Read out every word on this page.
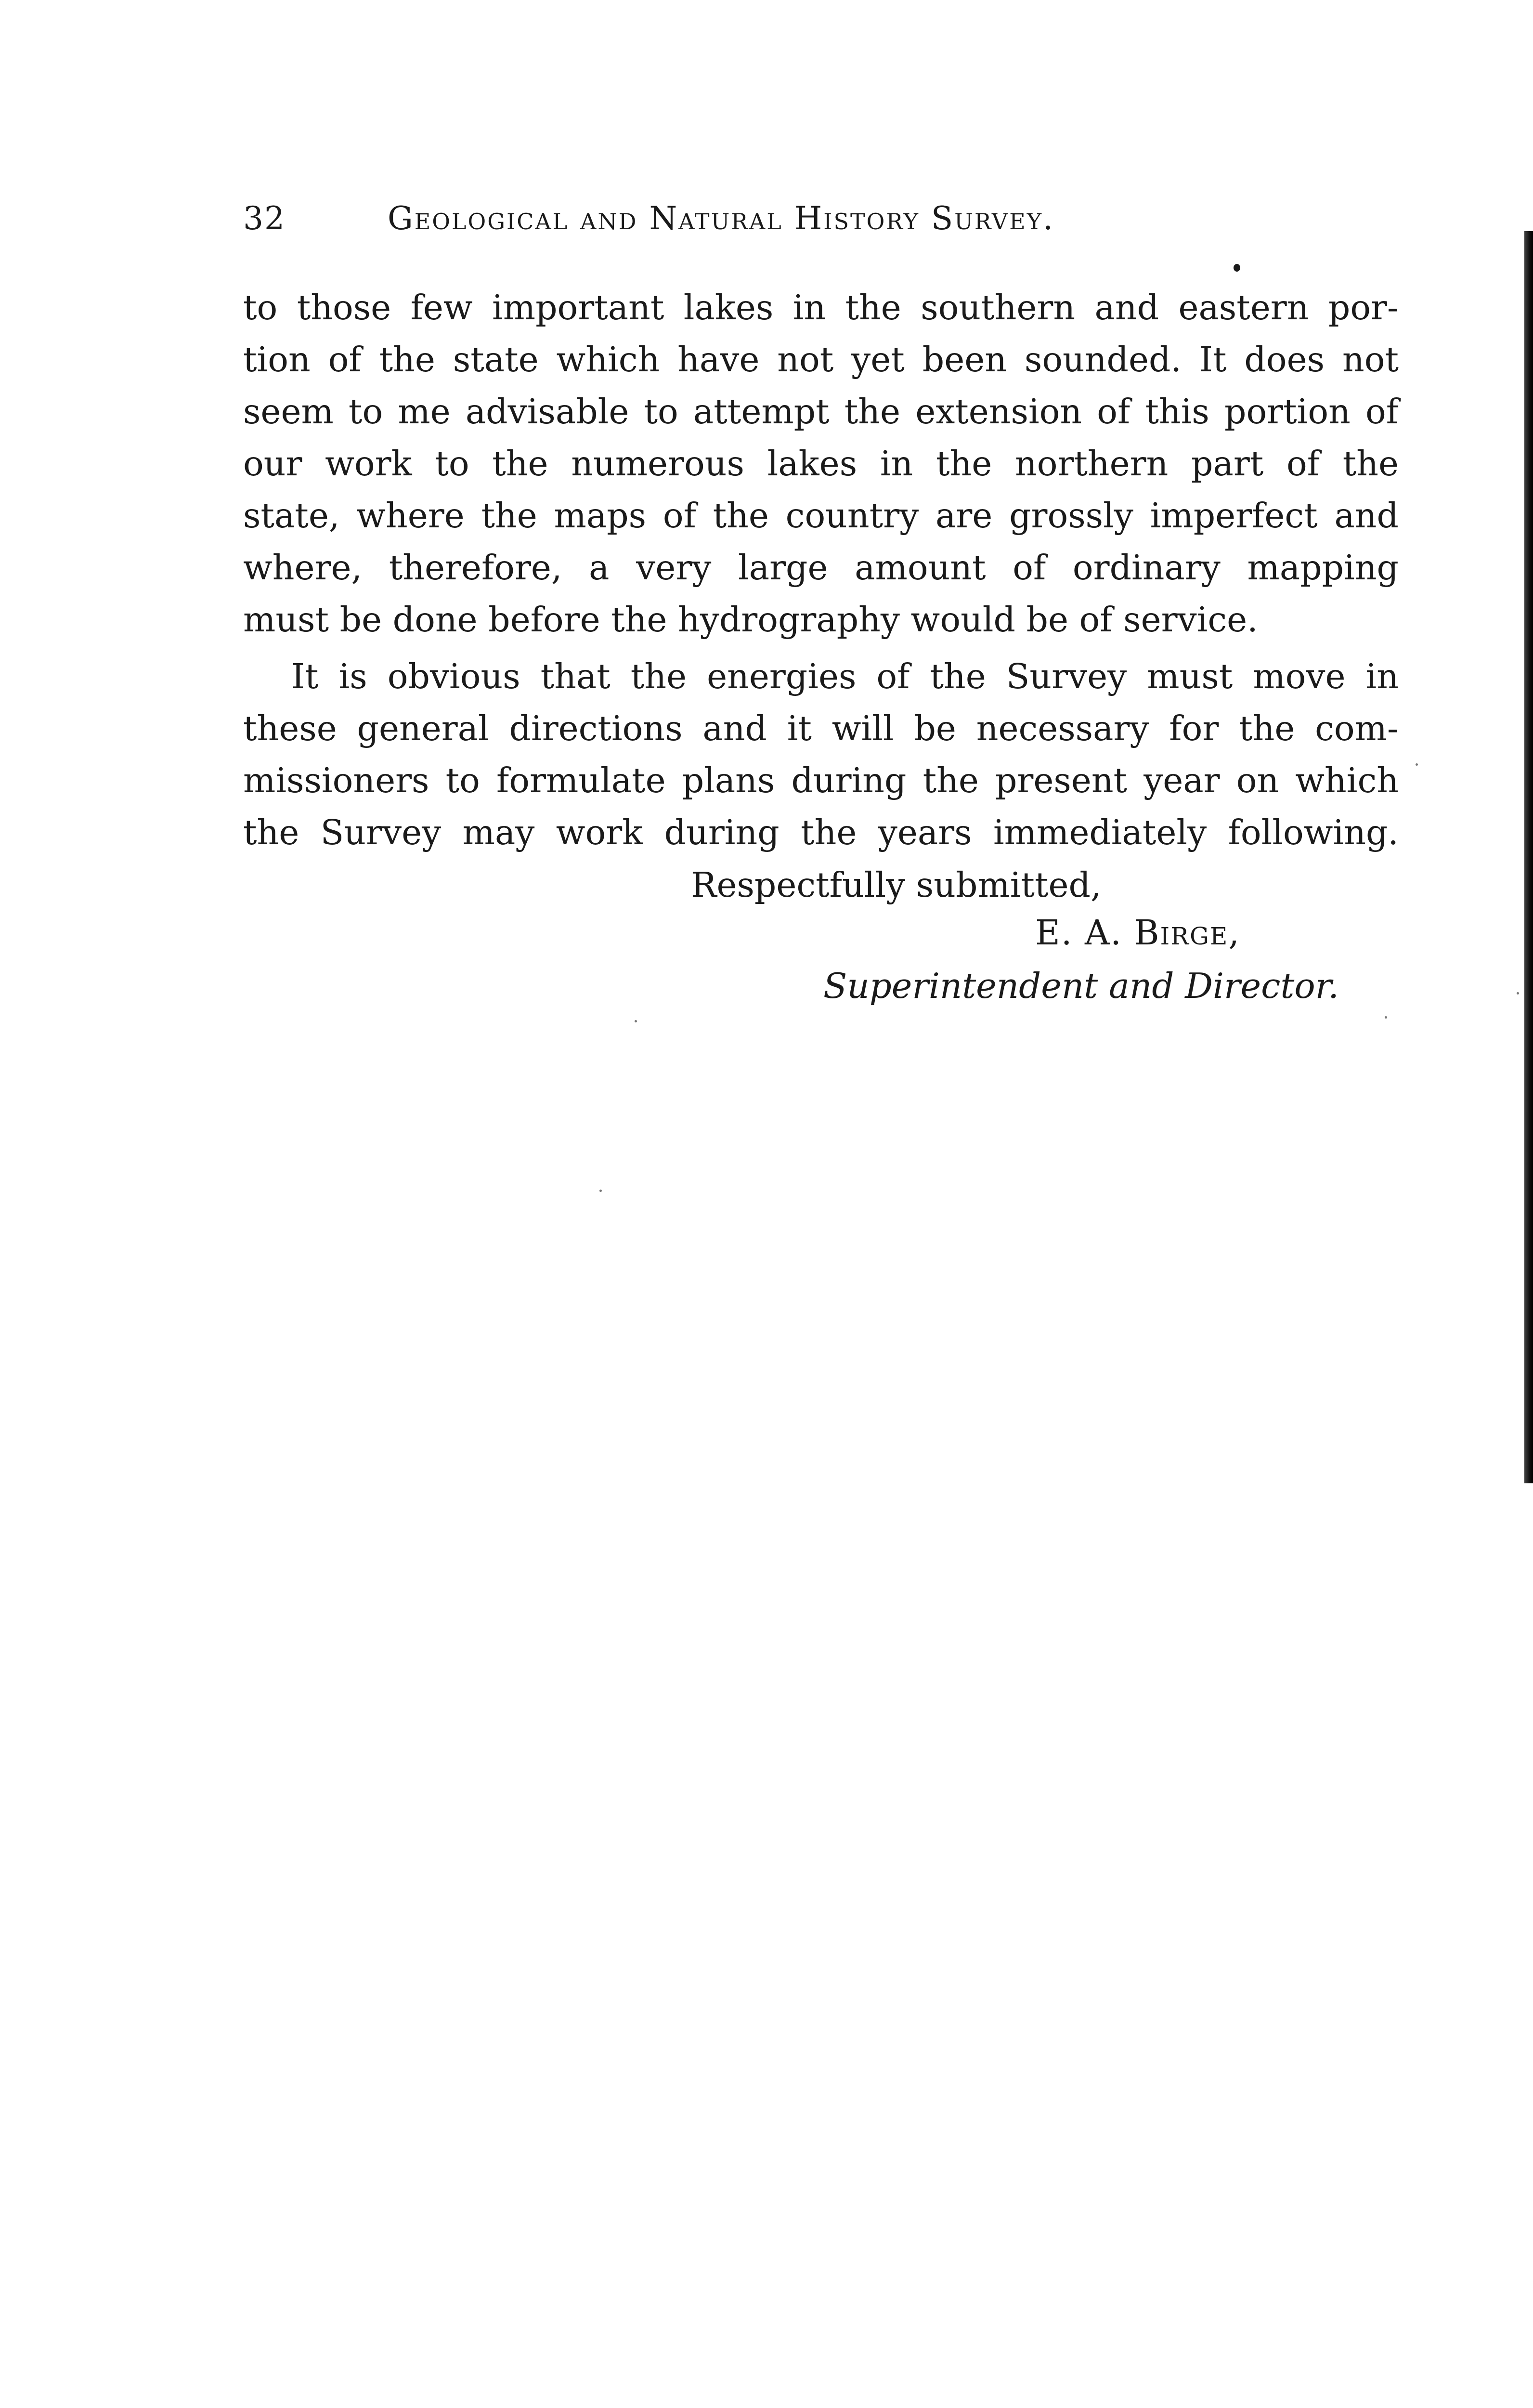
32	Geological and Natural History Survey.

to those few important lakes in the southern and eastern por-
tion of the state which have not yet been sounded. It does not
seem to me advisable to attempt the extension of this portion of
our work to the numerous lakes in the northern part of the
state, where the maps of the country are grossly imperfect and
where, therefore, a very large amount of ordinary mapping
must be done before the hydrography would be of service.

It is obvious that the energies of the Survey must move in
these general directions and it will be necessary for the com-
missioners to formulate plans during the present year on which
the Survey may work during the years immediately following.

Respectfully submitted,
E. A. Birge,
Superintendent and Director.
